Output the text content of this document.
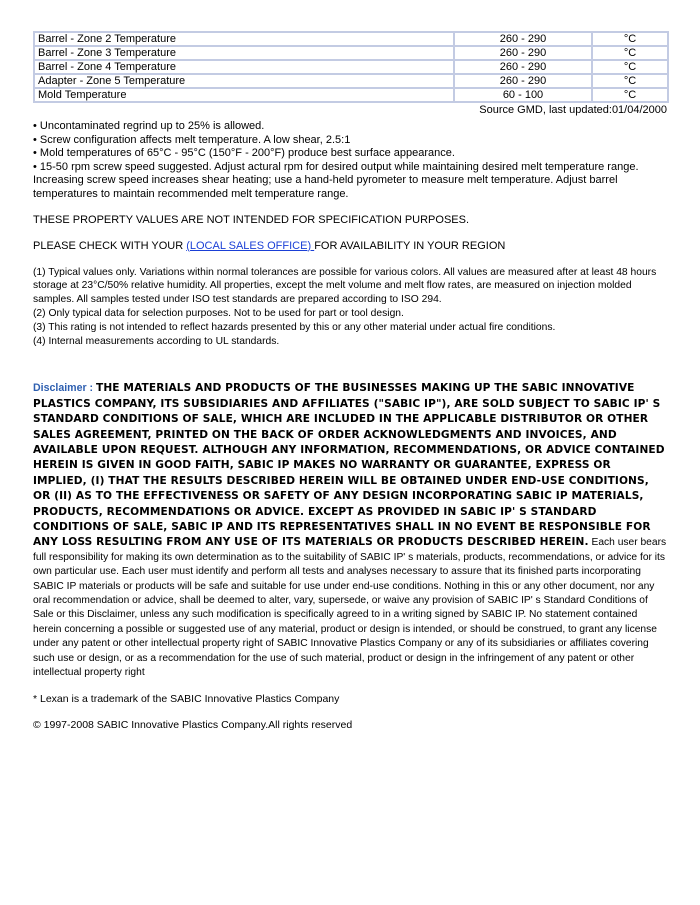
Barrel - Zone 2 Temperature	260 - 290	°C
Barrel - Zone 3 Temperature	260 - 290	°C
Barrel - Zone 4 Temperature	260 - 290	°C
Adapter - Zone 5 Temperature	260 - 290	°C
Mold Temperature	60 - 100	°C
Source GMD, last updated:01/04/2000
• Uncontaminated regrind up to 25% is allowed.
• Screw configuration affects melt temperature. A low shear, 2.5:1
• Mold temperatures of 65°C - 95°C (150°F - 200°F) produce best surface appearance.
• 15-50 rpm screw speed suggested. Adjust actural rpm for desired output while maintaining desired melt temperature range. Increasing screw speed increases shear heating; use a hand-held pyrometer to measure melt temperature. Adjust barrel temperatures to maintain recommended melt temperature range.
THESE PROPERTY VALUES ARE NOT INTENDED FOR SPECIFICATION PURPOSES.
PLEASE CHECK WITH YOUR (LOCAL SALES OFFICE) FOR AVAILABILITY IN YOUR REGION
(1) Typical values only. Variations within normal tolerances are possible for various colors. All values are measured after at least 48 hours storage at 23°C/50% relative humidity. All properties, except the melt volume and melt flow rates, are measured on injection molded samples. All samples tested under ISO test standards are prepared according to ISO 294.
(2) Only typical data for selection purposes. Not to be used for part or tool design.
(3) This rating is not intended to reflect hazards presented by this or any other material under actual fire conditions.
(4) Internal measurements according to UL standards.
Disclaimer : THE MATERIALS AND PRODUCTS OF THE BUSINESSES MAKING UP THE SABIC INNOVATIVE PLASTICS COMPANY, ITS SUBSIDIARIES AND AFFILIATES ("SABIC IP"), ARE SOLD SUBJECT TO SABIC IP' S STANDARD CONDITIONS OF SALE, WHICH ARE INCLUDED IN THE APPLICABLE DISTRIBUTOR OR OTHER SALES AGREEMENT, PRINTED ON THE BACK OF ORDER ACKNOWLEDGMENTS AND INVOICES, AND AVAILABLE UPON REQUEST. ALTHOUGH ANY INFORMATION, RECOMMENDATIONS, OR ADVICE CONTAINED HEREIN IS GIVEN IN GOOD FAITH, SABIC IP MAKES NO WARRANTY OR GUARANTEE, EXPRESS OR IMPLIED, (I) THAT THE RESULTS DESCRIBED HEREIN WILL BE OBTAINED UNDER END-USE CONDITIONS, OR (II) AS TO THE EFFECTIVENESS OR SAFETY OF ANY DESIGN INCORPORATING SABIC IP MATERIALS, PRODUCTS, RECOMMENDATIONS OR ADVICE. EXCEPT AS PROVIDED IN SABIC IP' S STANDARD CONDITIONS OF SALE, SABIC IP AND ITS REPRESENTATIVES SHALL IN NO EVENT BE RESPONSIBLE FOR ANY LOSS RESULTING FROM ANY USE OF ITS MATERIALS OR PRODUCTS DESCRIBED HEREIN. Each user bears full responsibility for making its own determination as to the suitability of SABIC IP' s materials, products, recommendations, or advice for its own particular use. Each user must identify and perform all tests and analyses necessary to assure that its finished parts incorporating SABIC IP materials or products will be safe and suitable for use under end-use conditions. Nothing in this or any other document, nor any oral recommendation or advice, shall be deemed to alter, vary, supersede, or waive any provision of SABIC IP' s Standard Conditions of Sale or this Disclaimer, unless any such modification is specifically agreed to in a writing signed by SABIC IP. No statement contained herein concerning a possible or suggested use of any material, product or design is intended, or should be construed, to grant any license under any patent or other intellectual property right of SABIC Innovative Plastics Company or any of its subsidiaries or affiliates covering such use or design, or as a recommendation for the use of such material, product or design in the infringement of any patent or other intellectual property right
* Lexan is a trademark of the SABIC Innovative Plastics Company
© 1997-2008 SABIC Innovative Plastics Company.All rights reserved
